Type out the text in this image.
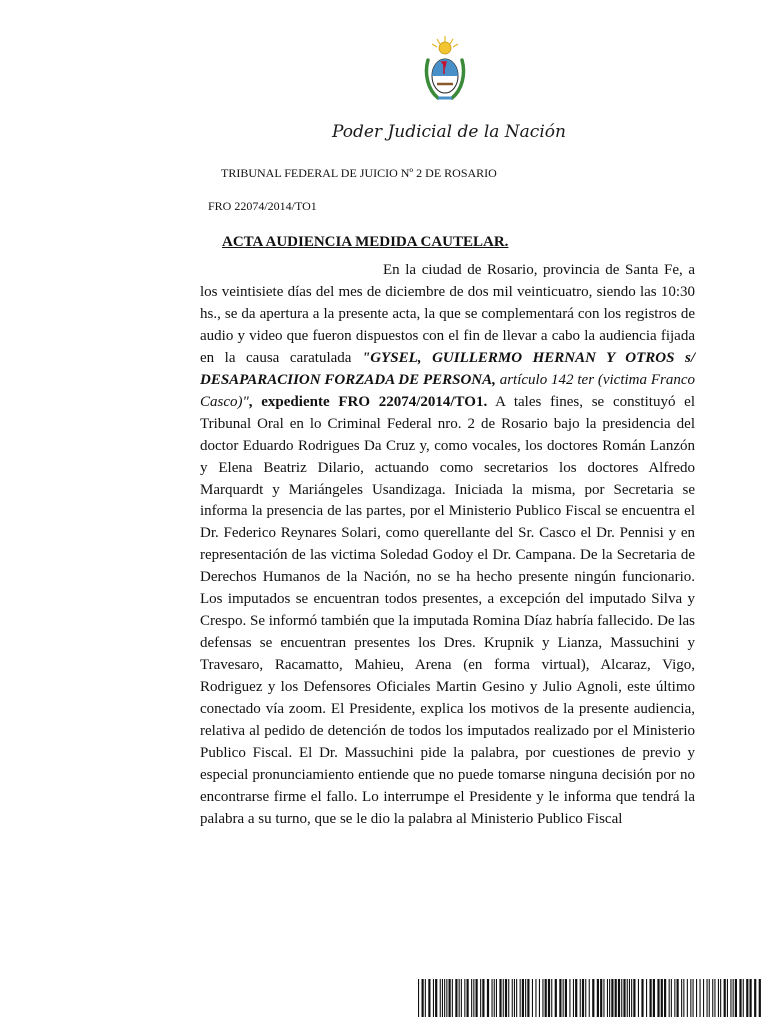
Poder Judicial de la Nación
TRIBUNAL FEDERAL DE JUICIO Nº 2 DE ROSARIO
FRO 22074/2014/TO1
ACTA AUDIENCIA MEDIDA CAUTELAR.

En la ciudad de Rosario, provincia de Santa Fe, a los veintisiete días del mes de diciembre de dos mil veinticuatro, siendo las 10:30 hs., se da apertura a la presente acta, la que se complementará con los registros de audio y video que fueron dispuestos con el fin de llevar a cabo la audiencia fijada en la causa caratulada "GYSEL, GUILLERMO HERNAN Y OTROS s/ DESAPARACIION FORZADA DE PERSONA, artículo 142 ter (victima Franco Casco)", expediente FRO 22074/2014/TO1. A tales fines, se constituyó el Tribunal Oral en lo Criminal Federal nro. 2 de Rosario bajo la presidencia del doctor Eduardo Rodrigues Da Cruz y, como vocales, los doctores Román Lanzón y Elena Beatriz Dilario, actuando como secretarios los doctores Alfredo Marquardt y Mariángeles Usandizaga. Iniciada la misma, por Secretaria se informa la presencia de las partes, por el Ministerio Publico Fiscal se encuentra el Dr. Federico Reynares Solari, como querellante del Sr. Casco el Dr. Pennisi y en representación de las victima Soledad Godoy el Dr. Campana. De la Secretaria de Derechos Humanos de la Nación, no se ha hecho presente ningún funcionario. Los imputados se encuentran todos presentes, a excepción del imputado Silva y Crespo. Se informó también que la imputada Romina Díaz habría fallecido. De las defensas se encuentran presentes los Dres. Krupnik y Lianza, Massuchini y Travesaro, Racamatto, Mahieu, Arena (en forma virtual), Alcaraz, Vigo, Rodriguez y los Defensores Oficiales Martin Gesino y Julio Agnoli, este último conectado vía zoom. El Presidente, explica los motivos de la presente audiencia, relativa al pedido de detención de todos los imputados realizado por el Ministerio Publico Fiscal. El Dr. Massuchini pide la palabra, por cuestiones de previo y especial pronunciamiento entiende que no puede tomarse ninguna decisión por no encontrarse firme el fallo. Lo interrumpe el Presidente y le informa que tendrá la palabra a su turno, que se le dio la palabra al Ministerio Publico Fiscal
